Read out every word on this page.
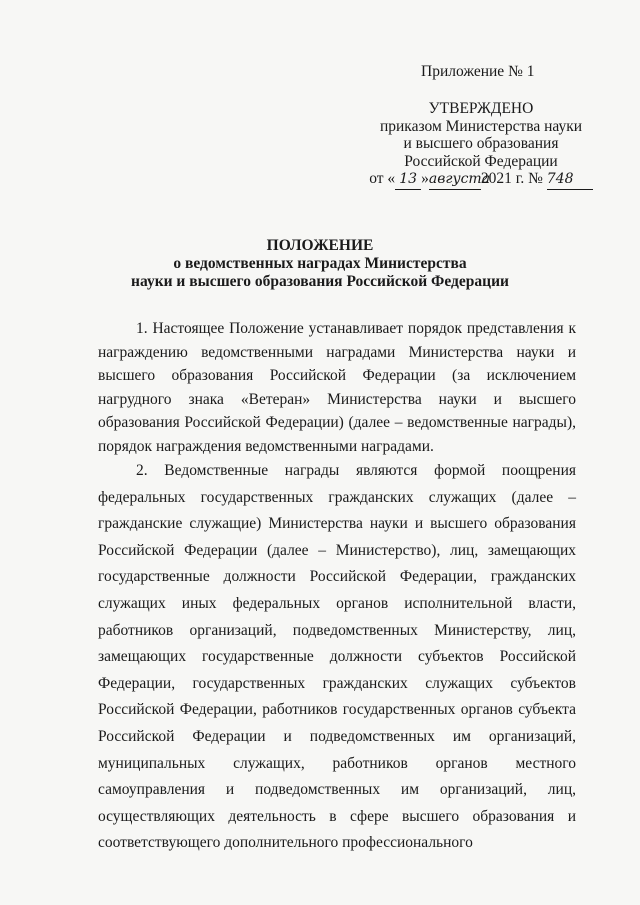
Приложение № 1
УТВЕРЖДЕНО
приказом Министерства науки
и высшего образования
Российской Федерации
от « 13 »августа2021 г. № 748
ПОЛОЖЕНИЕ
о ведомственных наградах Министерства
науки и высшего образования Российской Федерации

1. Настоящее Положение устанавливает порядок представления к награждению ведомственными наградами Министерства науки и высшего образования Российской Федерации (за исключением нагрудного знака «Ветеран» Министерства науки и высшего образования Российской Федерации) (далее – ведомственные награды), порядок награждения ведомственными наградами.

2. Ведомственные награды являются формой поощрения федеральных государственных гражданских служащих (далее – гражданские служащие) Министерства науки и высшего образования Российской Федерации (далее – Министерство), лиц, замещающих государственные должности Российской Федерации, гражданских служащих иных федеральных органов исполнительной власти, работников организаций, подведомственных Министерству, лиц, замещающих государственные должности субъектов Российской Федерации, государственных гражданских служащих субъектов Российской Федерации, работников государственных органов субъекта Российской Федерации и подведомственных им организаций, муниципальных служащих, работников органов местного самоуправления и подведомственных им организаций, лиц, осуществляющих деятельность в сфере высшего образования и соответствующего дополнительного профессионального
